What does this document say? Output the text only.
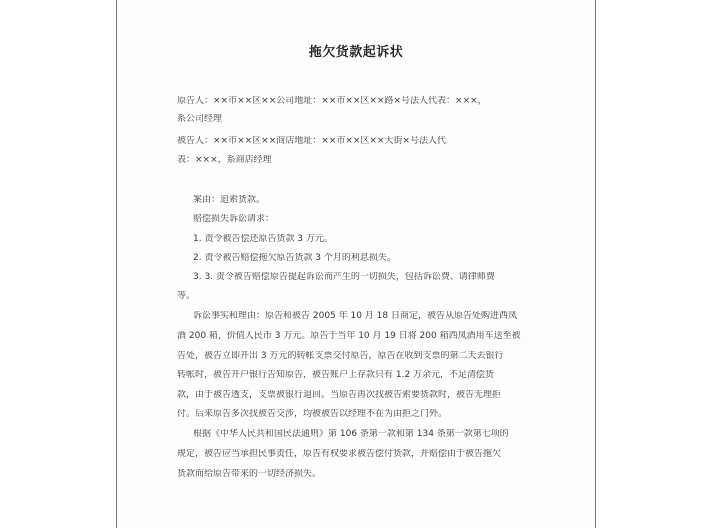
拖欠货款起诉状
原告人：××市××区××公司地址：××市××区××路×号法人代表：×××，
系公司经理
被告人：××市××区××商店地址：××市××区××大街×号法人代
表：×××，系商店经理
案由：追索货款。
赔偿损失诉讼请求：
1. 责令被告偿还原告货款 3 万元。
2. 责令被告赔偿拖欠原告货款 3 个月的利息损失。
3. 3. 责令被告赔偿原告提起诉讼而产生的一切损失，包括诉讼费、请律师费
等。
诉讼事实和理由：原告和被告 2005 年 10 月 18 日商定，被告从原告处购进西凤
酒 200 箱，价值人民币 3 万元。原告于当年 10 月 19 日将 200 箱西凤酒用车送至被
告处，被告立即开出 3 万元的转帐支票交付原告，原告在收到支票的第二天去银行
转帐时，被告开户银行告知原告，被告账户上存款只有 1.2 万余元，不足清偿货
款，由于被告透支，支票被银行退回。当原告再次找被告索要货款时，被告无理拒
付。后来原告多次找被告交涉，均被被告以经理不在为由拒之门外。
根据《中华人民共和国民法通则》第 106 条第一款和第 134 条第一款第七项的
规定，被告应当承担民事责任，原告有权要求被告偿付货款，并赔偿由于被告拖欠
货款而给原告带来的一切经济损失。
